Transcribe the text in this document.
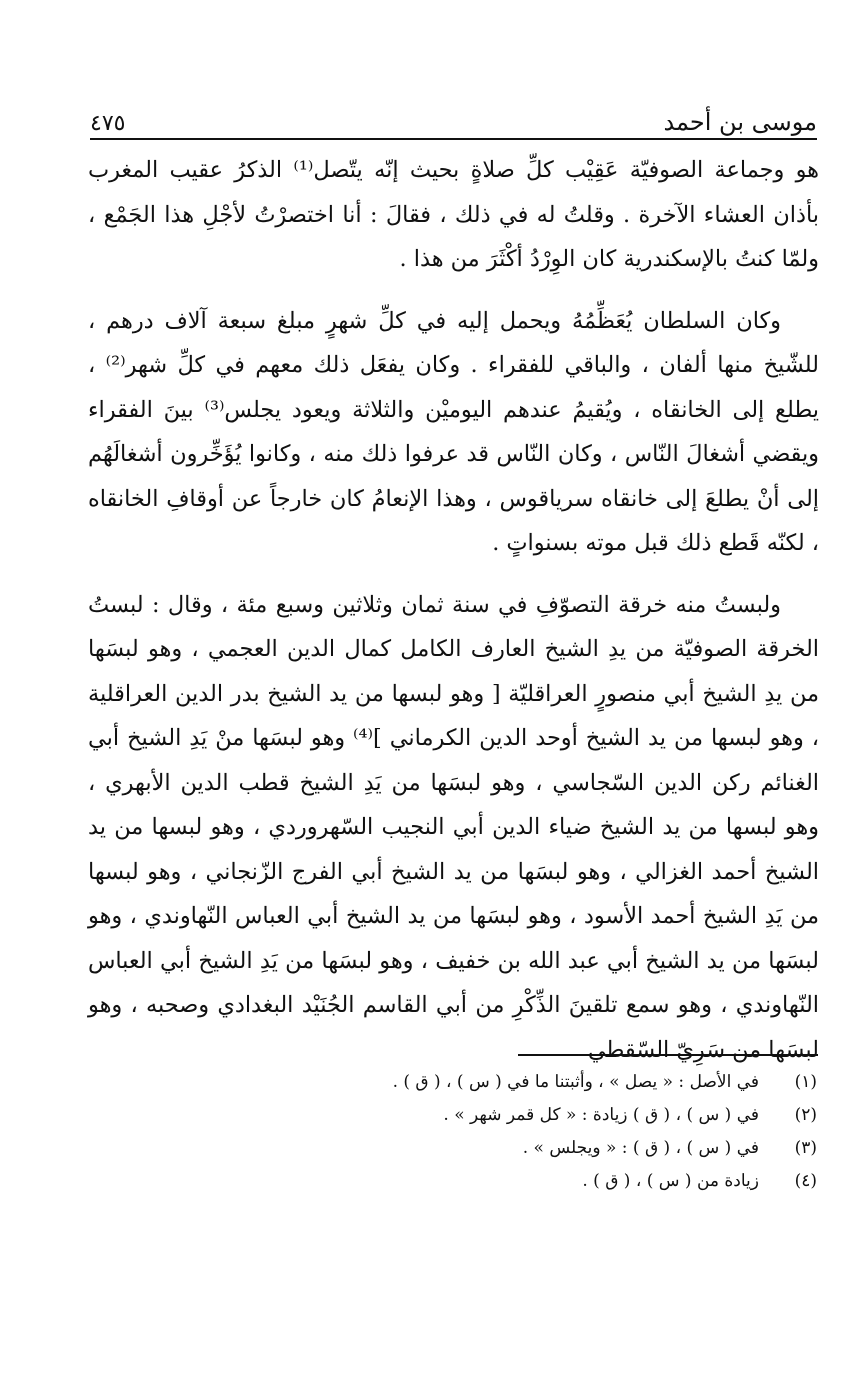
موسى بن أحمد
٤٧٥

هو وجماعة الصوفيّة عَقِيْب كلِّ صلاةٍ بحيث إنّه يتّصل⁽¹⁾ الذكرُ عقيب المغرب بأذان العشاء الآخرة . وقلتُ له في ذلك ، فقالَ : أنا اختصرْتُ لأجْلِ هذا الجَمْع ، ولمّا كنتُ بالإسكندرية كان الوِرْدُ أكْثَرَ من هذا .

وكان السلطان يُعَظِّمُهُ ويحمل إليه في كلِّ شهرٍ مبلغ سبعة آلاف درهم ، للشّيخ منها ألفان ، والباقي للفقراء . وكان يفعَل ذلك معهم في كلِّ شهر⁽²⁾ ، يطلع إلى الخانقاه ، ويُقيمُ عندهم اليوميْن والثلاثة ويعود يجلس⁽³⁾ بينَ الفقراء ويقضي أشغالَ النّاس ، وكان النّاس قد عرفوا ذلك منه ، وكانوا يُؤَخِّرون أشغالَهُم إلى أنْ يطلعَ إلى خانقاه سرياقوس ، وهذا الإنعامُ كان خارجاً عن أوقافِ الخانقاه ، لكنّه قَطع ذلك قبل موته بسنواتٍ .

ولبستُ منه خرقة التصوّفِ في سنة ثمان وثلاثين وسبع مئة ، وقال : لبستُ الخرقة الصوفيّة من يدِ الشيخ العارف الكامل كمال الدين العجمي ، وهو لبسَها من يدِ الشيخ أبي منصورٍ العراقليّة [ وهو لبسها من يد الشيخ بدر الدين العراقلية ، وهو لبسها من يد الشيخ أوحد الدين الكرماني ]⁽⁴⁾ وهو لبسَها منْ يَدِ الشيخ أبي الغنائم ركن الدين السّجاسي ، وهو لبسَها من يَدِ الشيخ قطب الدين الأبهري ، وهو لبسها من يد الشيخ ضياء الدين أبي النجيب السّهروردي ، وهو لبسها من يد الشيخ أحمد الغزالي ، وهو لبسَها من يد الشيخ أبي الفرج الزّنجاني ، وهو لبسها من يَدِ الشيخ أحمد الأسود ، وهو لبسَها من يد الشيخ أبي العباس النّهاوندي ، وهو لبسَها من يد الشيخ أبي عبد الله بن خفيف ، وهو لبسَها من يَدِ الشيخ أبي العباس النّهاوندي ، وهو سمع تلقينَ الذِّكْرِ من أبي القاسم الجُنَيْد البغدادي وصحبه ، وهو لبسَها من سَرِيّ السّقطي

(١)
في الأصل : « يصل » ، وأثبتنا ما في ( س ) ، ( ق ) .
(٢)
في ( س ) ، ( ق ) زيادة : « كل قمر شهر » .
(٣)
في ( س ) ، ( ق ) : « ويجلس » .
(٤)
زيادة من ( س ) ، ( ق ) .
